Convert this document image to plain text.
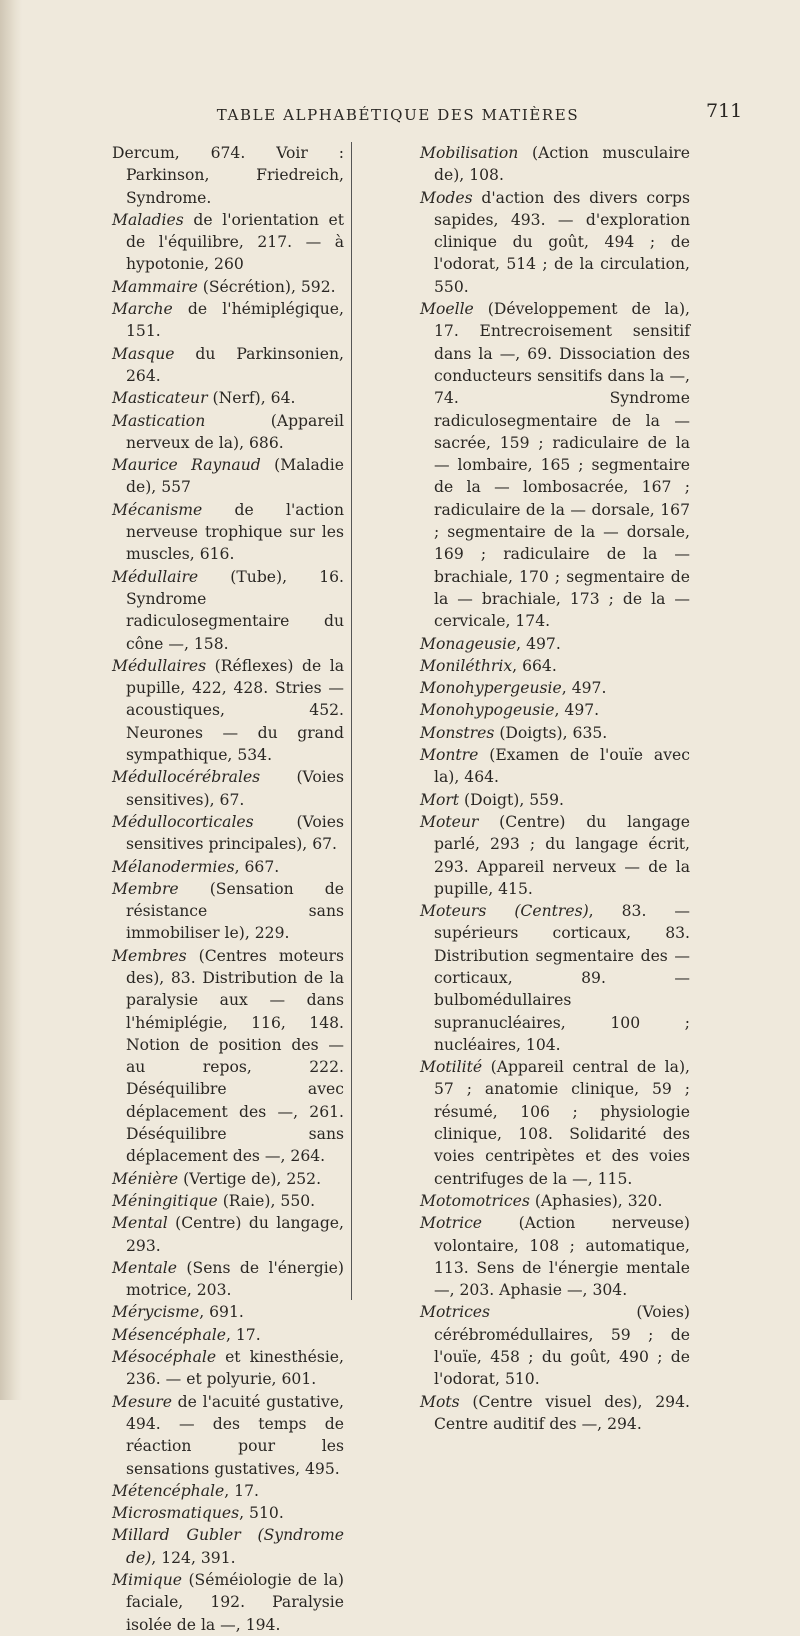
TABLE ALPHABÉTIQUE DES MATIÈRES	711

Dercum, 674. Voir : Parkinson, Friedreich, Syndrome.

Maladies de l'orientation et de l'équilibre, 217. — à hypotonie, 260

Mammaire (Sécrétion), 592.

Marche de l'hémiplégique, 151.

Masque du Parkinsonien, 264.

Masticateur (Nerf), 64.

Mastication (Appareil nerveux de la), 686.

Maurice Raynaud (Maladie de), 557

Mécanisme de l'action nerveuse trophique sur les muscles, 616.

Médullaire (Tube), 16. Syndrome radiculosegmentaire du cône —, 158.

Médullaires (Réflexes) de la pupille, 422, 428. Stries — acoustiques, 452. Neurones — du grand sympathique, 534.

Médullocérébrales (Voies sensitives), 67.

Médullocorticales (Voies sensitives principales), 67.

Mélanodermies, 667.

Membre (Sensation de résistance sans immobiliser le), 229.

Membres (Centres moteurs des), 83. Distribution de la paralysie aux — dans l'hémiplégie, 116, 148. Notion de position des — au repos, 222. Déséquilibre avec déplacement des —, 261. Déséquilibre sans déplacement des —, 264.

Ménière (Vertige de), 252.

Méningitique (Raie), 550.

Mental (Centre) du langage, 293.

Mentale (Sens de l'énergie) motrice, 203.

Mérycisme, 691.

Mésencéphale, 17.

Mésocéphale et kinesthésie, 236. — et polyurie, 601.

Mesure de l'acuité gustative, 494. — des temps de réaction pour les sensations gustatives, 495.

Métencéphale, 17.

Microsmatiques, 510.

Millard Gubler (Syndrome de), 124, 391.

Mimique (Séméiologie de la) faciale, 192. Paralysie isolée de la —, 194.

Mobilisation (Action musculaire de), 108.

Modes d'action des divers corps sapides, 493. — d'exploration clinique du goût, 494 ; de l'odorat, 514 ; de la circulation, 550.

Moelle (Développement de la), 17. Entrecroisement sensitif dans la —, 69. Dissociation des conducteurs sensitifs dans la —, 74. Syndrome radiculosegmentaire de la — sacrée, 159 ; radiculaire de la — lombaire, 165 ; segmentaire de la — lombosacrée, 167 ; radiculaire de la — dorsale, 167 ; segmentaire de la — dorsale, 169 ; radiculaire de la — brachiale, 170 ; segmentaire de la — brachiale, 173 ; de la — cervicale, 174.

Monageusie, 497.

Moniléthrix, 664.

Monohypergeusie, 497.

Monohypogeusie, 497.

Monstres (Doigts), 635.

Montre (Examen de l'ouïe avec la), 464.

Mort (Doigt), 559.

Moteur (Centre) du langage parlé, 293 ; du langage écrit, 293. Appareil nerveux — de la pupille, 415.

Moteurs (Centres), 83. — supérieurs corticaux, 83. Distribution segmentaire des — corticaux, 89. — bulbomédullaires supranucléaires, 100 ; nucléaires, 104.

Motilité (Appareil central de la), 57 ; anatomie clinique, 59 ; résumé, 106 ; physiologie clinique, 108. Solidarité des voies centripètes et des voies centrifuges de la —, 115.

Motomotrices (Aphasies), 320.

Motrice (Action nerveuse) volontaire, 108 ; automatique, 113. Sens de l'énergie mentale —, 203. Aphasie —, 304.

Motrices (Voies) cérébromédullaires, 59 ; de l'ouïe, 458 ; du goût, 490 ; de l'odorat, 510.

Mots (Centre visuel des), 294. Centre auditif des —, 294.
